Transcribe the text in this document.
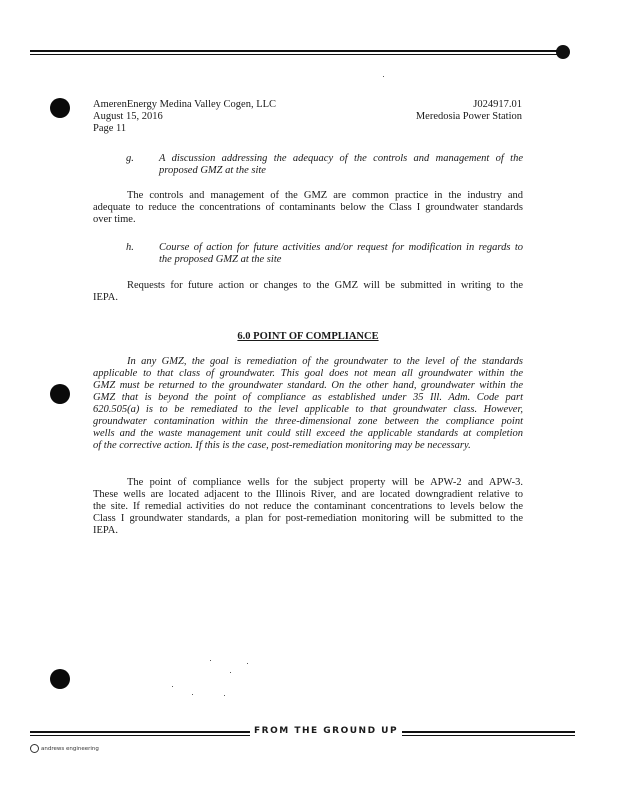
AmerenEnergy Medina Valley Cogen, LLC
August 15, 2016
Page 11
J024917.01
Meredosia Power Station
g. A discussion addressing the adequacy of the controls and management of the
proposed GMZ at the site
The controls and management of the GMZ are common practice in the industry and
adequate to reduce the concentrations of contaminants below the Class I groundwater standards
over time.
h. Course of action for future activities and/or request for modification in regards to
the proposed GMZ at the site
Requests for future action or changes to the GMZ will be submitted in writing to the
IEPA.
6.0 POINT OF COMPLIANCE
In any GMZ, the goal is remediation of the groundwater to the level of the standards
applicable to that class of groundwater. This goal does not mean all groundwater within the
GMZ must be returned to the groundwater standard. On the other hand, groundwater within the
GMZ that is beyond the point of compliance as established under 35 Ill. Adm. Code part
620.505(a) is to be remediated to the level applicable to that groundwater class. However,
groundwater contamination within the three-dimensional zone between the compliance point
wells and the waste management unit could still exceed the applicable standards at completion
of the corrective action. If this is the case, post-remediation monitoring may be necessary.
The point of compliance wells for the subject property will be APW-2 and APW-3.
These wells are located adjacent to the Illinois River, and are located downgradient relative to
the site. If remedial activities do not reduce the contaminant concentrations to levels below the
Class I groundwater standards, a plan for post-remediation monitoring will be submitted to the
IEPA.
FROM THE GROUND UP
andrews engineering
